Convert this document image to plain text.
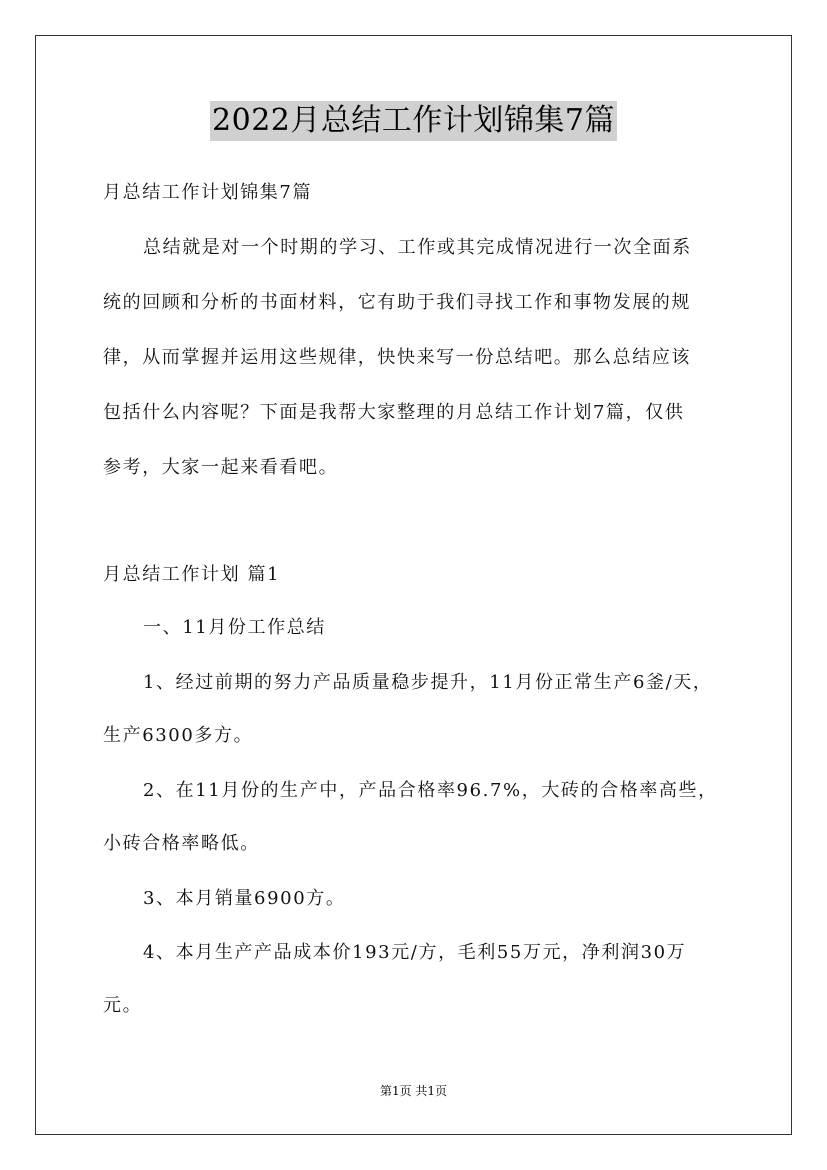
2022月总结工作计划锦集7篇
月总结工作计划锦集7篇
总结就是对一个时期的学习、工作或其完成情况进行一次全面系
统的回顾和分析的书面材料，它有助于我们寻找工作和事物发展的规
律，从而掌握并运用这些规律，快快来写一份总结吧。那么总结应该
包括什么内容呢？下面是我帮大家整理的月总结工作计划7篇，仅供
参考，大家一起来看看吧。
月总结工作计划 篇1
一、11月份工作总结
1、经过前期的努力产品质量稳步提升，11月份正常生产6釜/天，
生产6300多方。
2、在11月份的生产中，产品合格率96.7%，大砖的合格率高些，
小砖合格率略低。
3、本月销量6900方。
4、本月生产产品成本价193元/方，毛利55万元，净利润30万
元。
第1页 共1页
